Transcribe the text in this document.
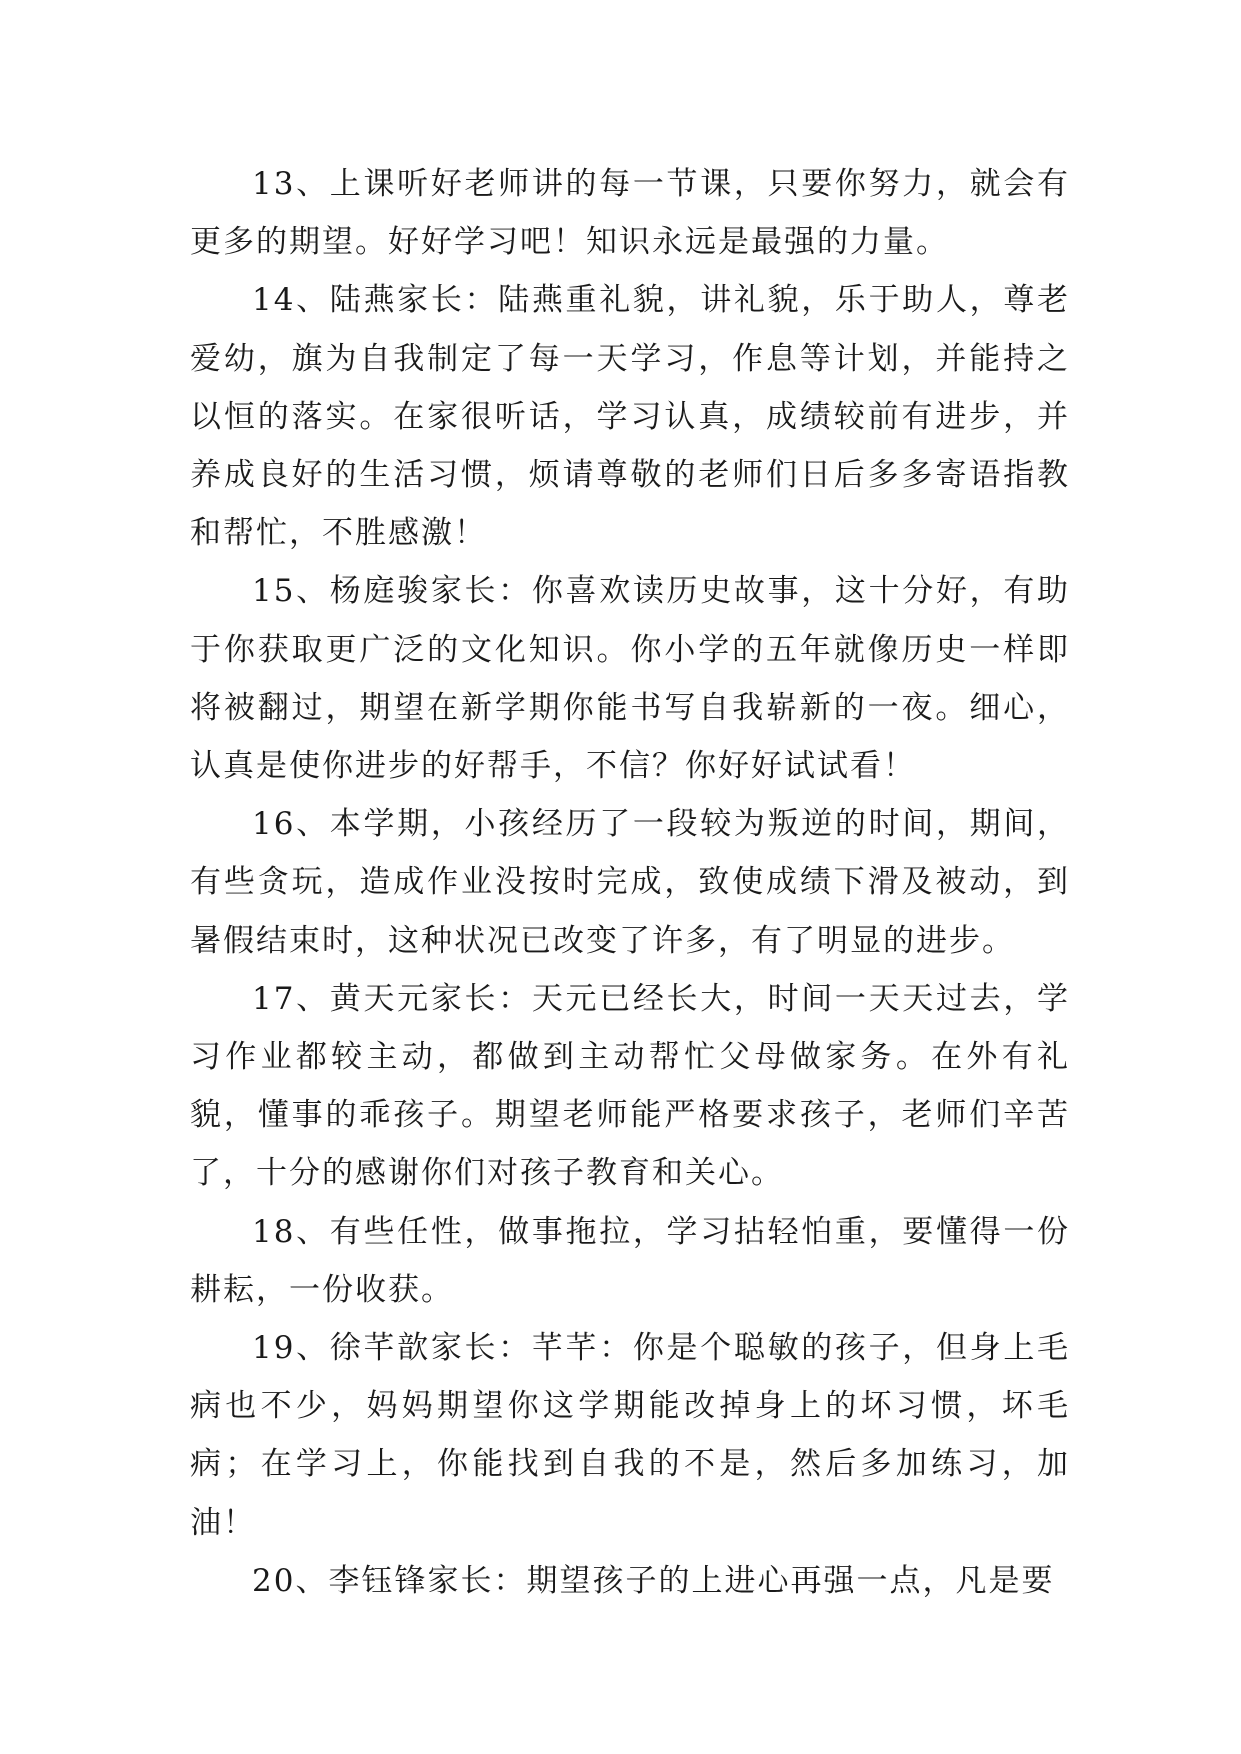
13、上课听好老师讲的每一节课，只要你努力，就会有更多的期望。好好学习吧！知识永远是最强的力量。

14、陆燕家长：陆燕重礼貌，讲礼貌，乐于助人，尊老爱幼，旗为自我制定了每一天学习，作息等计划，并能持之以恒的落实。在家很听话，学习认真，成绩较前有进步，并养成良好的生活习惯，烦请尊敬的老师们日后多多寄语指教和帮忙，不胜感激！

15、杨庭骏家长：你喜欢读历史故事，这十分好，有助于你获取更广泛的文化知识。你小学的五年就像历史一样即将被翻过，期望在新学期你能书写自我崭新的一夜。细心，认真是使你进步的好帮手，不信？你好好试试看！

16、本学期，小孩经历了一段较为叛逆的时间，期间，有些贪玩，造成作业没按时完成，致使成绩下滑及被动，到暑假结束时，这种状况已改变了许多，有了明显的进步。

17、黄天元家长：天元已经长大，时间一天天过去，学习作业都较主动，都做到主动帮忙父母做家务。在外有礼貌，懂事的乖孩子。期望老师能严格要求孩子，老师们辛苦了，十分的感谢你们对孩子教育和关心。

18、有些任性，做事拖拉，学习拈轻怕重，要懂得一份耕耘，一份收获。

19、徐芊歆家长：芊芊：你是个聪敏的孩子，但身上毛病也不少，妈妈期望你这学期能改掉身上的坏习惯，坏毛病；在学习上，你能找到自我的不是，然后多加练习，加油！

20、李钰锋家长：期望孩子的上进心再强一点，凡是要
